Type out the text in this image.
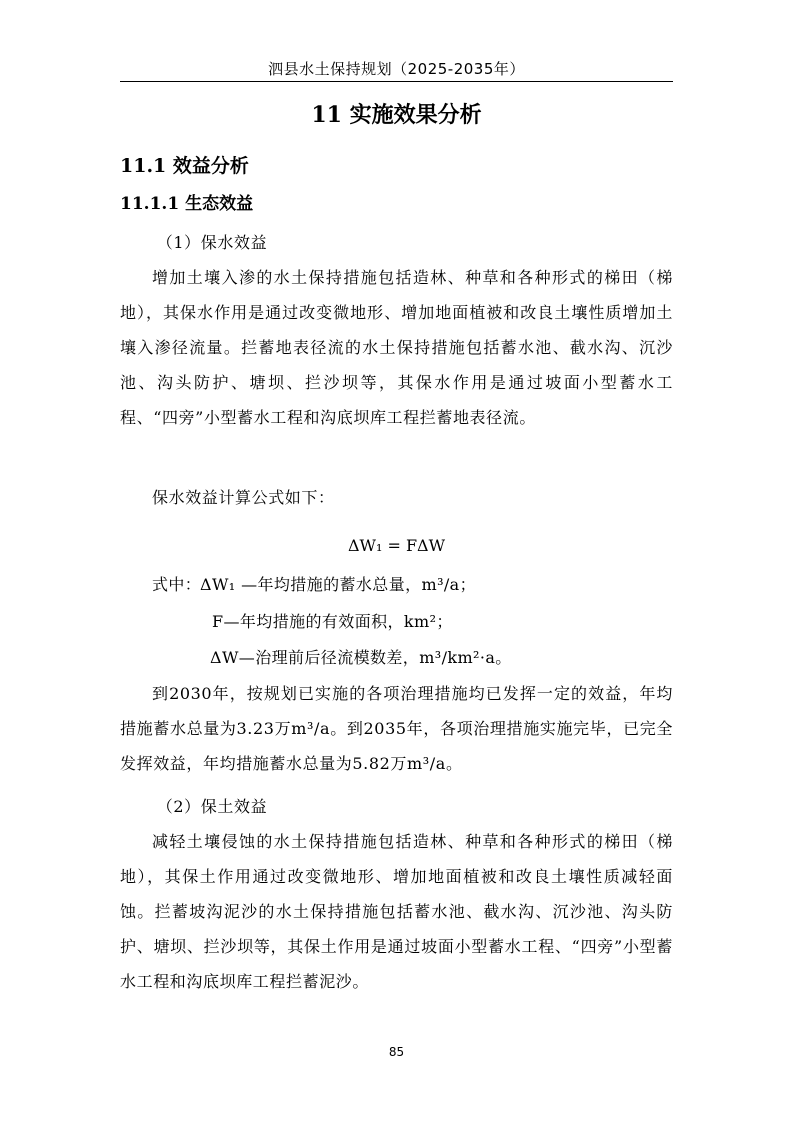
泗县水土保持规划（2025-2035年）
11 实施效果分析
11.1 效益分析
11.1.1 生态效益
（1）保水效益
增加土壤入渗的水土保持措施包括造林、种草和各种形式的梯田（梯地），其保水作用是通过改变微地形、增加地面植被和改良土壤性质增加土壤入渗径流量。拦蓄地表径流的水土保持措施包括蓄水池、截水沟、沉沙池、沟头防护、塘坝、拦沙坝等，其保水作用是通过坡面小型蓄水工程、“四旁”小型蓄水工程和沟底坝库工程拦蓄地表径流。
保水效益计算公式如下：
ΔW₁ = FΔW
式中：
ΔW₁ —年均措施的蓄水总量，m³/a；
F—年均措施的有效面积，km²；
ΔW—治理前后径流模数差，m³/km²·a。
到2030年，按规划已实施的各项治理措施均已发挥一定的效益，年均措施蓄水总量为3.23万m³/a。到2035年，各项治理措施实施完毕，已完全发挥效益，年均措施蓄水总量为5.82万m³/a。
（2）保土效益
减轻土壤侵蚀的水土保持措施包括造林、种草和各种形式的梯田（梯地），其保土作用通过改变微地形、增加地面植被和改良土壤性质减轻面蚀。拦蓄坡沟泥沙的水土保持措施包括蓄水池、截水沟、沉沙池、沟头防护、塘坝、拦沙坝等，其保土作用是通过坡面小型蓄水工程、“四旁”小型蓄水工程和沟底坝库工程拦蓄泥沙。
85
